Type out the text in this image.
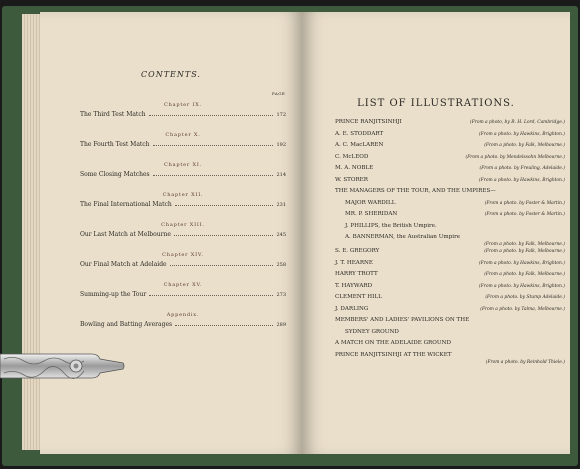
CONTENTS.
PAGE
Chapter IX.
The Third Test Match	172
Chapter X.
The Fourth Test Match	192
Chapter XI.
Some Closing Matches	214
Chapter XII.
The Final International Match	231
Chapter XIII.
Our Last Match at Melbourne	245
Chapter XIV.
Our Final Match at Adelaide	258
Chapter XV.
Summing-up the Tour	273
Appendix.
Bowling and Batting Averages	289
LIST OF ILLUSTRATIONS.
PRINCE RANJITSINHJI	(From a photo, by R. H. Lord, Cambridge.)
A. E. STODDART	(From a photo. by Hawkins, Brighton.)
A. C. MacLAREN	(From a photo. by Falk, Melbourne.)
C. McLEOD	(From a photo. by Mendelssohn Melbourne.)
M. A. NOBLE	(From a photo. by Freuling, Adelaide.)
W. STORER	(From a photo. by Hawkins, Brighton.)
THE MANAGERS OF THE TOUR, AND THE UMPIRES—
MAJOR WARDILL	(From a photo. by Foster & Martin.)
MR. P. SHERIDAN	(From a photo. by Foster & Martin.)
J. PHILLIPS, the British Umpire.
A. BANNERMAN, the Australian Umpire
(From a photo. by Falk, Melbourne.)
S. E. GREGORY	(From a photo. by Falk, Melbourne.)
J. T. HEARNE	(From a photo. by Hawkins, Brighton.)
HARRY TROTT	(From a photo. by Falk, Melbourne.)
T. HAYWARD	(From a photo. by Hawkins, Brighton.)
CLEMENT HILL	(From a photo. by Stump Adelaide.)
J. DARLING	(From a photo. by Talma, Melbourne.)
MEMBERS' AND LADIES' PAVILIONS ON THE
SYDNEY GROUND
A MATCH ON THE ADELAIDE GROUND
PRINCE RANJITSINHJI AT THE WICKET
(From a photo. by Reinhold Thiele.)
